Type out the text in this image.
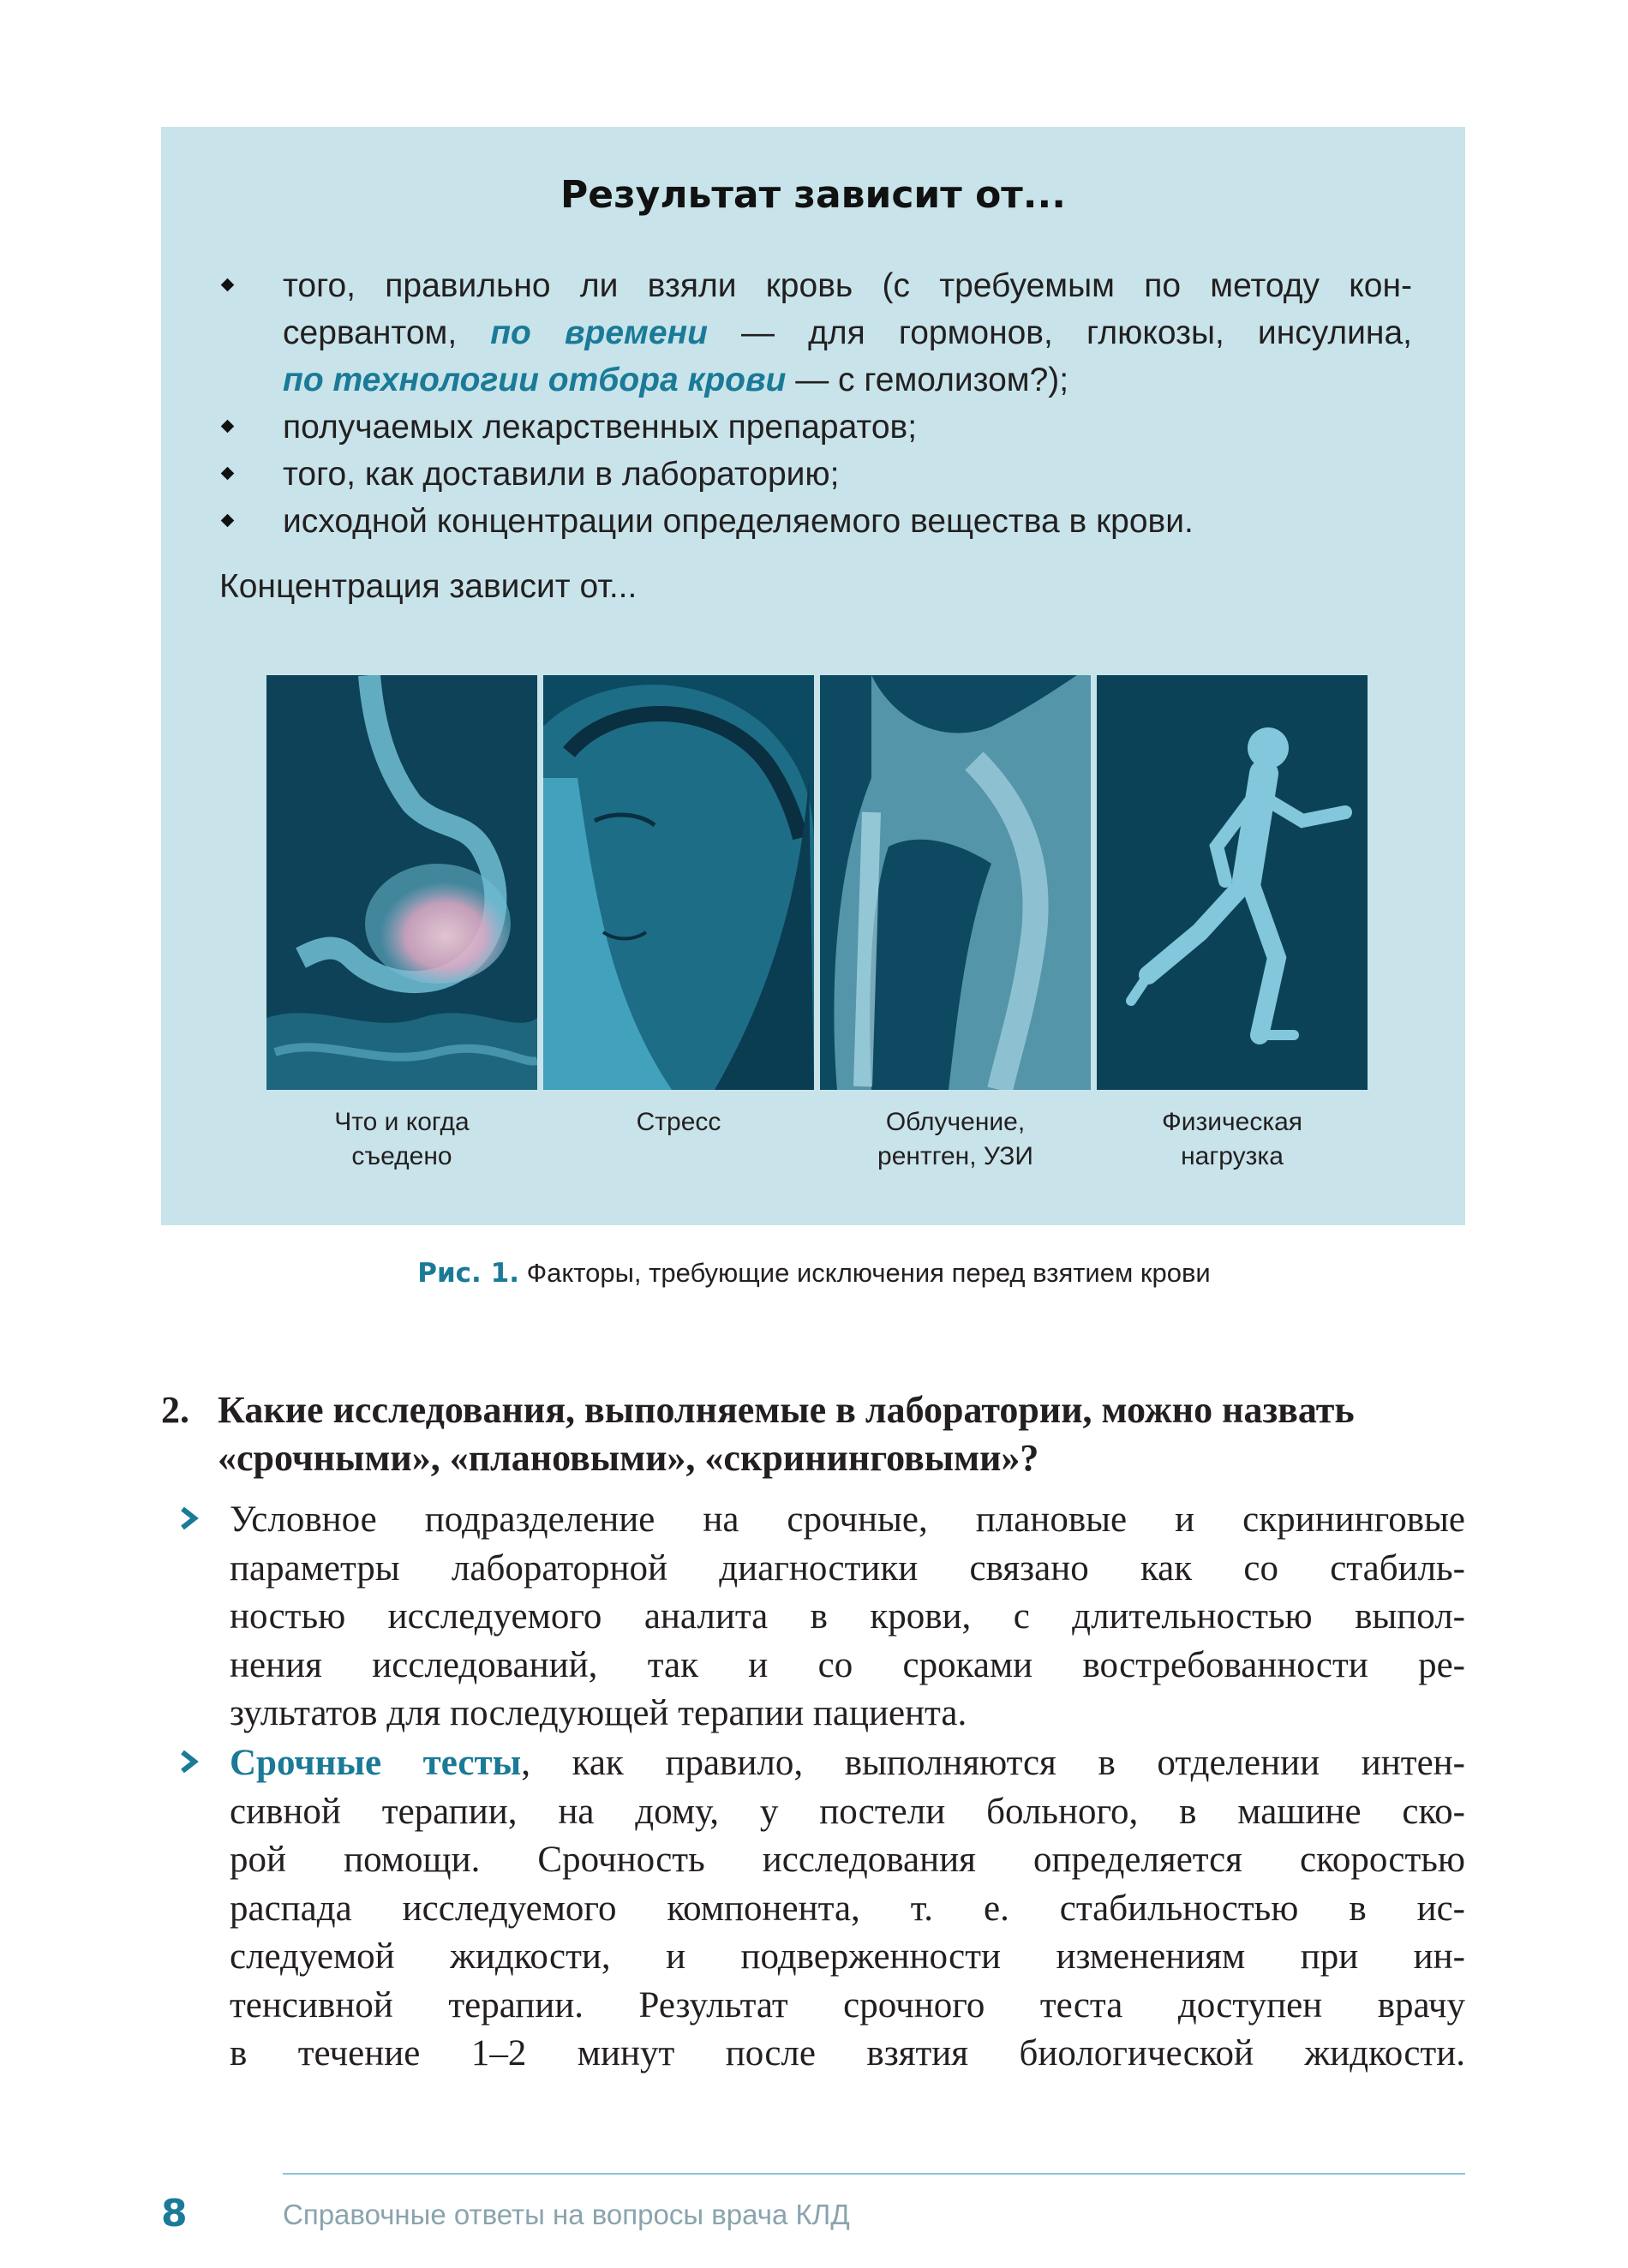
Результат зависит от...
того, правильно ли взяли кровь (с требуемым по методу кон-
сервантом, по времени — для гормонов, глюкозы, инсулина,
по технологии отбора крови — с гемолизом?);
получаемых лекарственных препаратов;
того, как доставили в лабораторию;
исходной концентрации определяемого вещества в крови.
Концентрация зависит от...
Что и когда
съедено
Стресс	Облучение,
рентген, УЗИ
Физическая
нагрузка
Рис. 1. Факторы, требующие исключения перед взятием крови
2. Какие исследования, выполняемые в лаборатории, можно назвать
«срочными», «плановыми», «скрининговыми»?
Условное подразделение на срочные, плановые и скрининговые
параметры лабораторной диагностики связано как со стабиль-
ностью исследуемого аналита в крови, с длительностью выпол-
нения исследований, так и со сроками востребованности ре-
зультатов для последующей терапии пациента.
Срочные тесты, как правило, выполняются в отделении интен-
сивной терапии, на дому, у постели больного, в машине ско-
рой помощи. Срочность исследования определяется скоростью
распада исследуемого компонента, т. е. стабильностью в ис-
следуемой жидкости, и подверженности изменениям при ин-
тенсивной терапии. Результат срочного теста доступен врачу
в течение 1–2 минут после взятия биологической жидкости.
8	Справочные ответы на вопросы врача КЛД
